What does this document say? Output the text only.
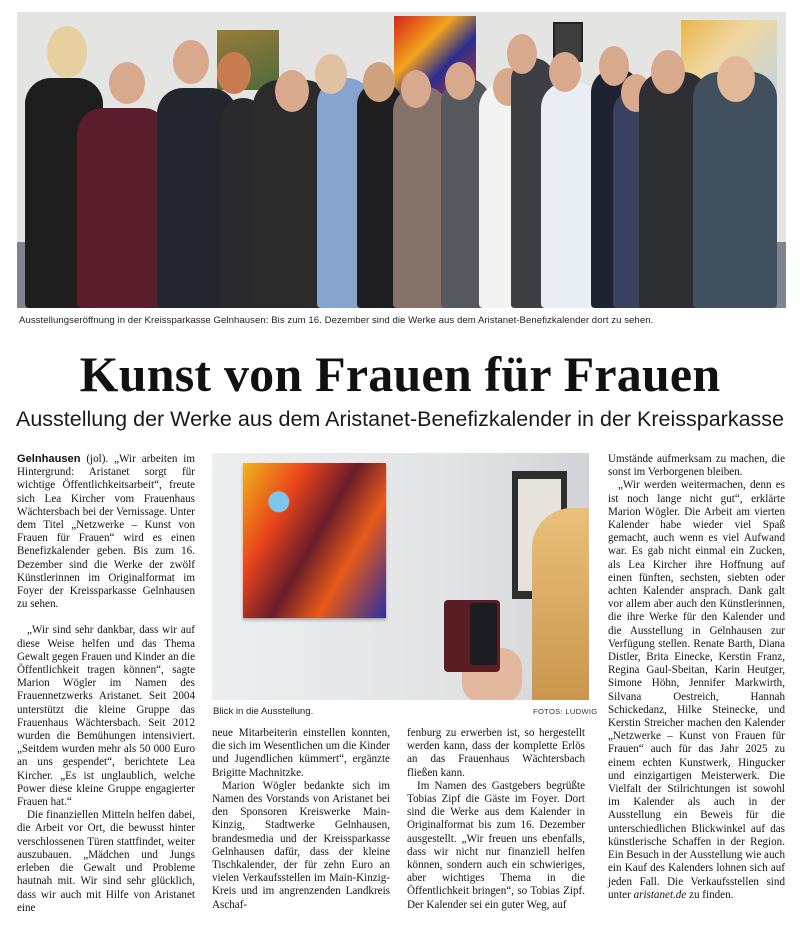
Ausstellungseröffnung in der Kreissparkasse Gelnhausen: Bis zum 16. Dezember sind die Werke aus dem Aristanet-Benefizkalender dort zu sehen.
Kunst von Frauen für Frauen
Ausstellung der Werke aus dem Aristanet-Benefizkalender in der Kreissparkasse

Gelnhausen (jol). „Wir arbeiten im Hintergrund: Aristanet sorgt für wichtige Öffentlichkeitsarbeit“, freute sich Lea Kircher vom Frauenhaus Wächtersbach bei der Vernissage. Unter dem Titel „Netzwerke – Kunst von Frauen für Frauen“ wird es einen Benefizkalender geben. Bis zum 16. Dezember sind die Werke der zwölf Künstlerinnen im Originalformat im Foyer der Kreissparkasse Gelnhausen zu sehen.

„Wir sind sehr dankbar, dass wir auf diese Weise helfen und das Thema Gewalt gegen Frauen und Kinder an die Öffentlichkeit tragen können“, sagte Marion Wögler im Namen des Frauennetzwerks Aristanet. Seit 2004 unterstützt die kleine Gruppe das Frauenhaus Wächtersbach. Seit 2012 wurden die Bemühungen intensiviert. „Seitdem wurden mehr als 50 000 Euro an uns gespendet“, berichtete Lea Kircher. „Es ist unglaublich, welche Power diese kleine Gruppe engagierter Frauen hat.“

Die finanziellen Mitteln helfen dabei, die Arbeit vor Ort, die bewusst hinter verschlossenen Türen stattfindet, weiter auszubauen. „Mädchen und Jungs erleben die Gewalt und Probleme hautnah mit. Wir sind sehr glücklich, dass wir auch mit Hilfe von Aristanet eine

Blick in die Ausstellung.	FOTOS: LUDWIG

neue Mitarbeiterin einstellen konnten, die sich im Wesentlichen um die Kinder und Jugendlichen kümmert“, ergänzte Brigitte Machnitzke.

Marion Wögler bedankte sich im Namen des Vorstands von Aristanet bei den Sponsoren Kreiswerke Main-Kinzig, Stadtwerke Gelnhausen, brandesmedia und der Kreissparkasse Gelnhausen dafür, dass der kleine Tischkalender, der für zehn Euro an vielen Verkaufsstellen im Main-Kinzig-Kreis und im angrenzenden Landkreis Aschaf-

fenburg zu erwerben ist, so hergestellt werden kann, dass der komplette Erlös an das Frauenhaus Wächtersbach fließen kann.

Im Namen des Gastgebers begrüßte Tobias Zipf die Gäste im Foyer. Dort sind die Werke aus dem Kalender in Originalformat bis zum 16. Dezember ausgestellt. „Wir freuen uns ebenfalls, dass wir nicht nur finanziell helfen können, sondern auch ein schwieriges, aber wichtiges Thema in die Öffentlichkeit bringen“, so Tobias Zipf. Der Kalender sei ein guter Weg, auf

Umstände aufmerksam zu machen, die sonst im Verborgenen bleiben.

„Wir werden weitermachen, denn es ist noch lange nicht gut“, erklärte Marion Wögler. Die Arbeit am vierten Kalender habe wieder viel Spaß gemacht, auch wenn es viel Aufwand war. Es gab nicht einmal ein Zucken, als Lea Kircher ihre Hoffnung auf einen fünften, sechsten, siebten oder achten Kalender ansprach. Dank galt vor allem aber auch den Künstlerinnen, die ihre Werke für den Kalender und die Ausstellung in Gelnhausen zur Verfügung stellen. Renate Barth, Diana Distler, Brita Einecke, Kerstin Franz, Regina Gaul-Sbeitan, Karin Heutger, Simone Höhn, Jennifer Markwirth, Silvana Oestreich, Hannah Schickedanz, Hilke Steinecke, und Kerstin Streicher machen den Kalender „Netzwerke – Kunst von Frauen für Frauen“ auch für das Jahr 2025 zu einem echten Kunstwerk, Hingucker und einzigartigen Meisterwerk. Die Vielfalt der Stilrichtungen ist sowohl im Kalender als auch in der Ausstellung ein Beweis für die unterschiedlichen Blickwinkel auf das künstlerische Schaffen in der Region. Ein Besuch in der Ausstellung wie auch ein Kauf des Kalenders lohnen sich auf jeden Fall. Die Verkaufsstellen sind unter aristanet.de zu finden.
